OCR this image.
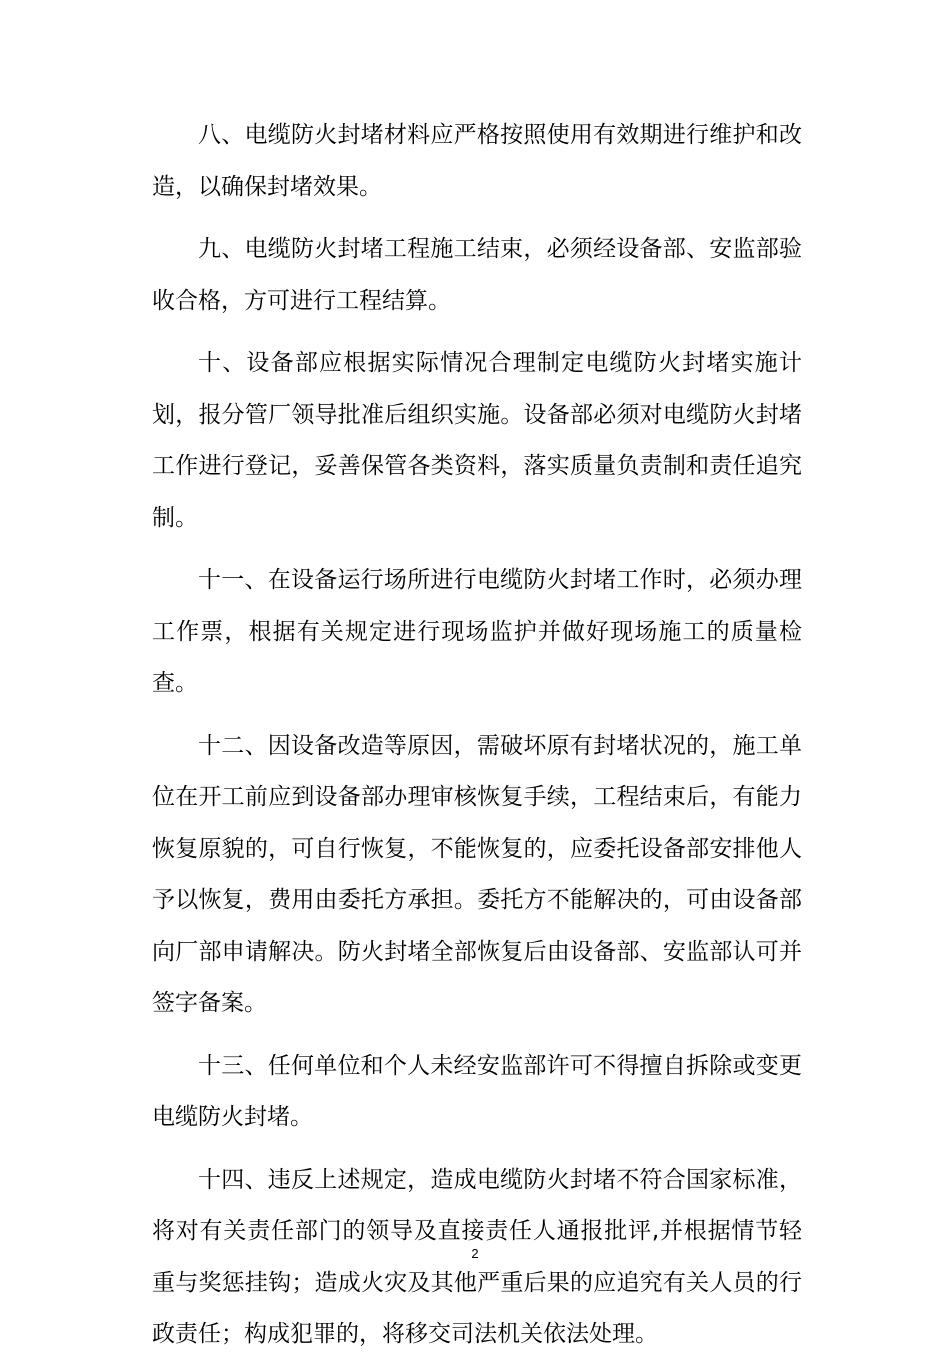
八、电缆防火封堵材料应严格按照使用有效期进行维护和改造，以确保封堵效果。

九、电缆防火封堵工程施工结束，必须经设备部、安监部验收合格，方可进行工程结算。

十、设备部应根据实际情况合理制定电缆防火封堵实施计划，报分管厂领导批准后组织实施。设备部必须对电缆防火封堵工作进行登记，妥善保管各类资料，落实质量负责制和责任追究制。

十一、在设备运行场所进行电缆防火封堵工作时，必须办理工作票，根据有关规定进行现场监护并做好现场施工的质量检查。

十二、因设备改造等原因，需破坏原有封堵状况的，施工单位在开工前应到设备部办理审核恢复手续，工程结束后，有能力恢复原貌的，可自行恢复，不能恢复的，应委托设备部安排他人予以恢复，费用由委托方承担。委托方不能解决的，可由设备部向厂部申请解决。防火封堵全部恢复后由设备部、安监部认可并签字备案。

十三、任何单位和个人未经安监部许可不得擅自拆除或变更电缆防火封堵。

十四、违反上述规定，造成电缆防火封堵不符合国家标准，将对有关责任部门的领导及直接责任人通报批评,并根据情节轻重与奖惩挂钩；造成火灾及其他严重后果的应追究有关人员的行政责任；构成犯罪的，将移交司法机关依法处理。

2
